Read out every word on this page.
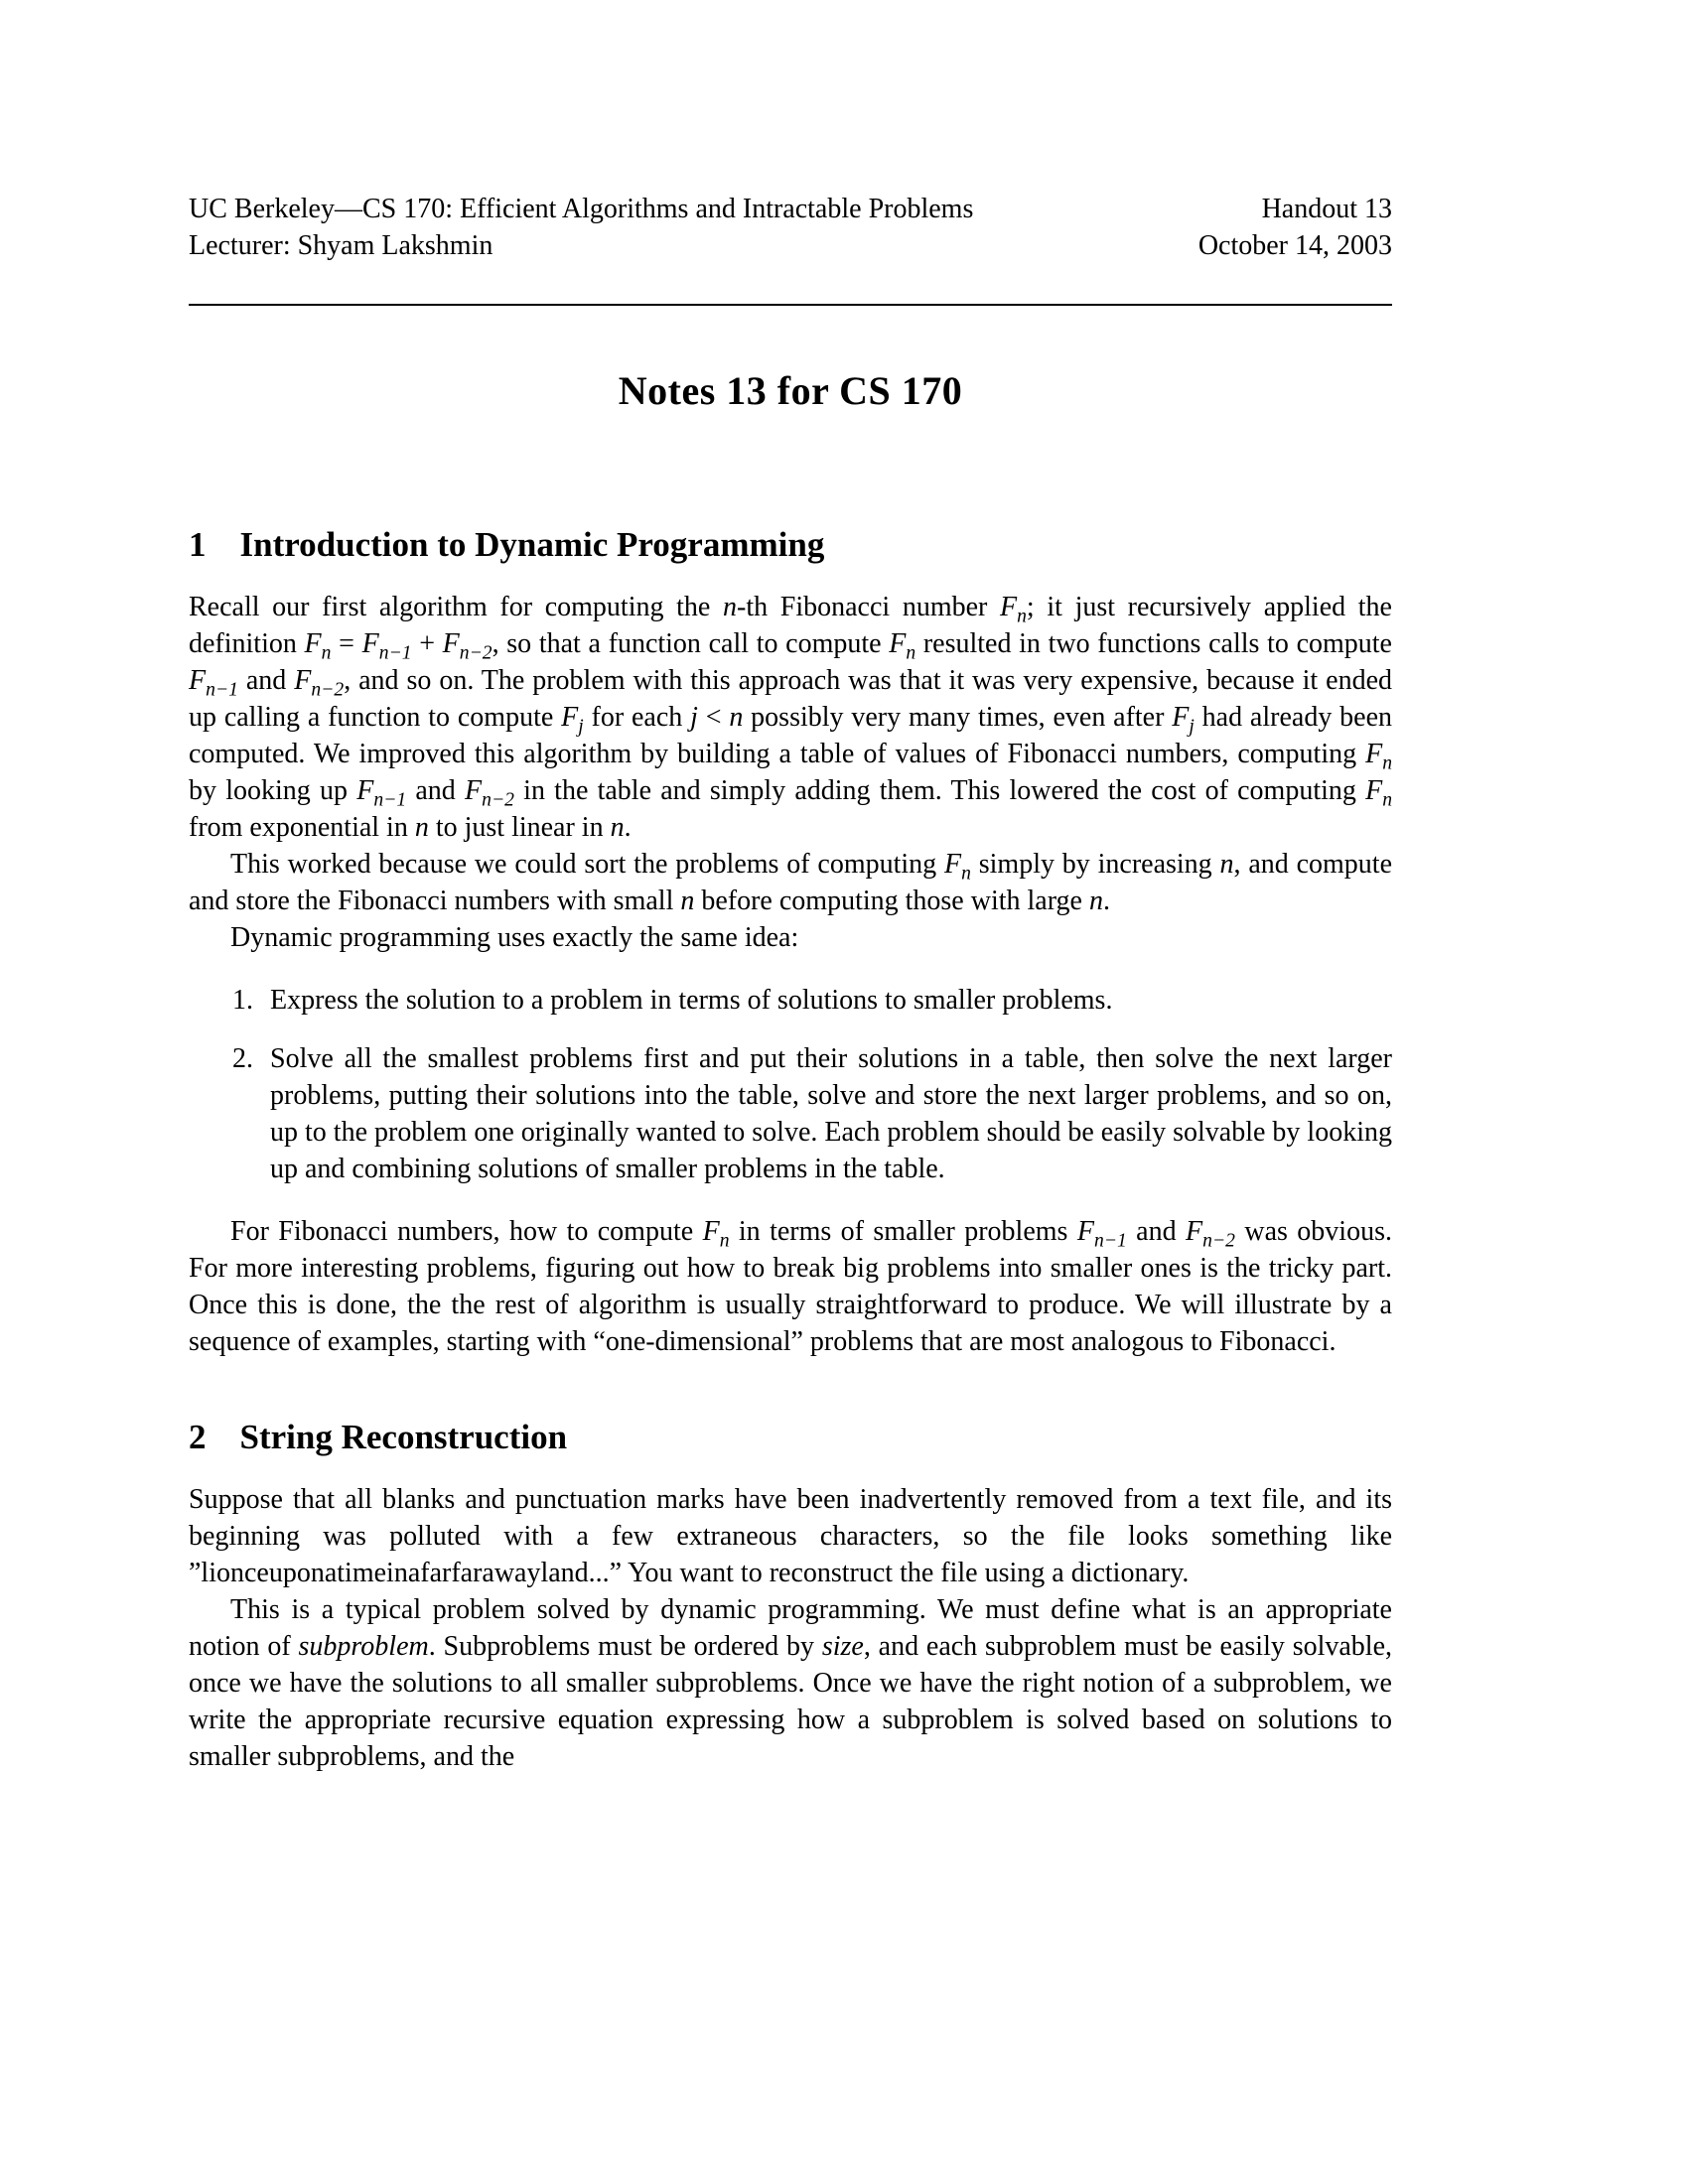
UC Berkeley—CS 170: Efficient Algorithms and Intractable Problems
Lecturer: Shyam Lakshmin
Handout 13
October 14, 2003
Notes 13 for CS 170
1 Introduction to Dynamic Programming

Recall our first algorithm for computing the n-th Fibonacci number $F_n$; it just recursively applied the definition $F_n = F_{n-1} + F_{n-2}$, so that a function call to compute $F_n$ resulted in two functions calls to compute $F_{n-1}$ and $F_{n-2}$, and so on. The problem with this approach was that it was very expensive, because it ended up calling a function to compute $F_j$ for each j < n possibly very many times, even after $F_j$ had already been computed. We improved this algorithm by building a table of values of Fibonacci numbers, computing $F_n$ by looking up $F_{n-1}$ and $F_{n-2}$ in the table and simply adding them. This lowered the cost of computing $F_n$ from exponential in n to just linear in n.

This worked because we could sort the problems of computing $F_n$ simply by increasing n, and compute and store the Fibonacci numbers with small n before computing those with large n.

Dynamic programming uses exactly the same idea:

1. Express the solution to a problem in terms of solutions to smaller problems.
2. Solve all the smallest problems first and put their solutions in a table, then solve the next larger problems, putting their solutions into the table, solve and store the next larger problems, and so on, up to the problem one originally wanted to solve. Each problem should be easily solvable by looking up and combining solutions of smaller problems in the table.

For Fibonacci numbers, how to compute $F_n$ in terms of smaller problems $F_{n-1}$ and $F_{n-2}$ was obvious. For more interesting problems, figuring out how to break big problems into smaller ones is the tricky part. Once this is done, the the rest of algorithm is usually straightforward to produce. We will illustrate by a sequence of examples, starting with “one-dimensional” problems that are most analogous to Fibonacci.

2 String Reconstruction

Suppose that all blanks and punctuation marks have been inadvertently removed from a text file, and its beginning was polluted with a few extraneous characters, so the file looks something like ”lionceuponatimeinafarfarawayland...” You want to reconstruct the file using a dictionary.

This is a typical problem solved by dynamic programming. We must define what is an appropriate notion of subproblem. Subproblems must be ordered by size, and each subproblem must be easily solvable, once we have the solutions to all smaller subproblems. Once we have the right notion of a subproblem, we write the appropriate recursive equation expressing how a subproblem is solved based on solutions to smaller subproblems, and the
